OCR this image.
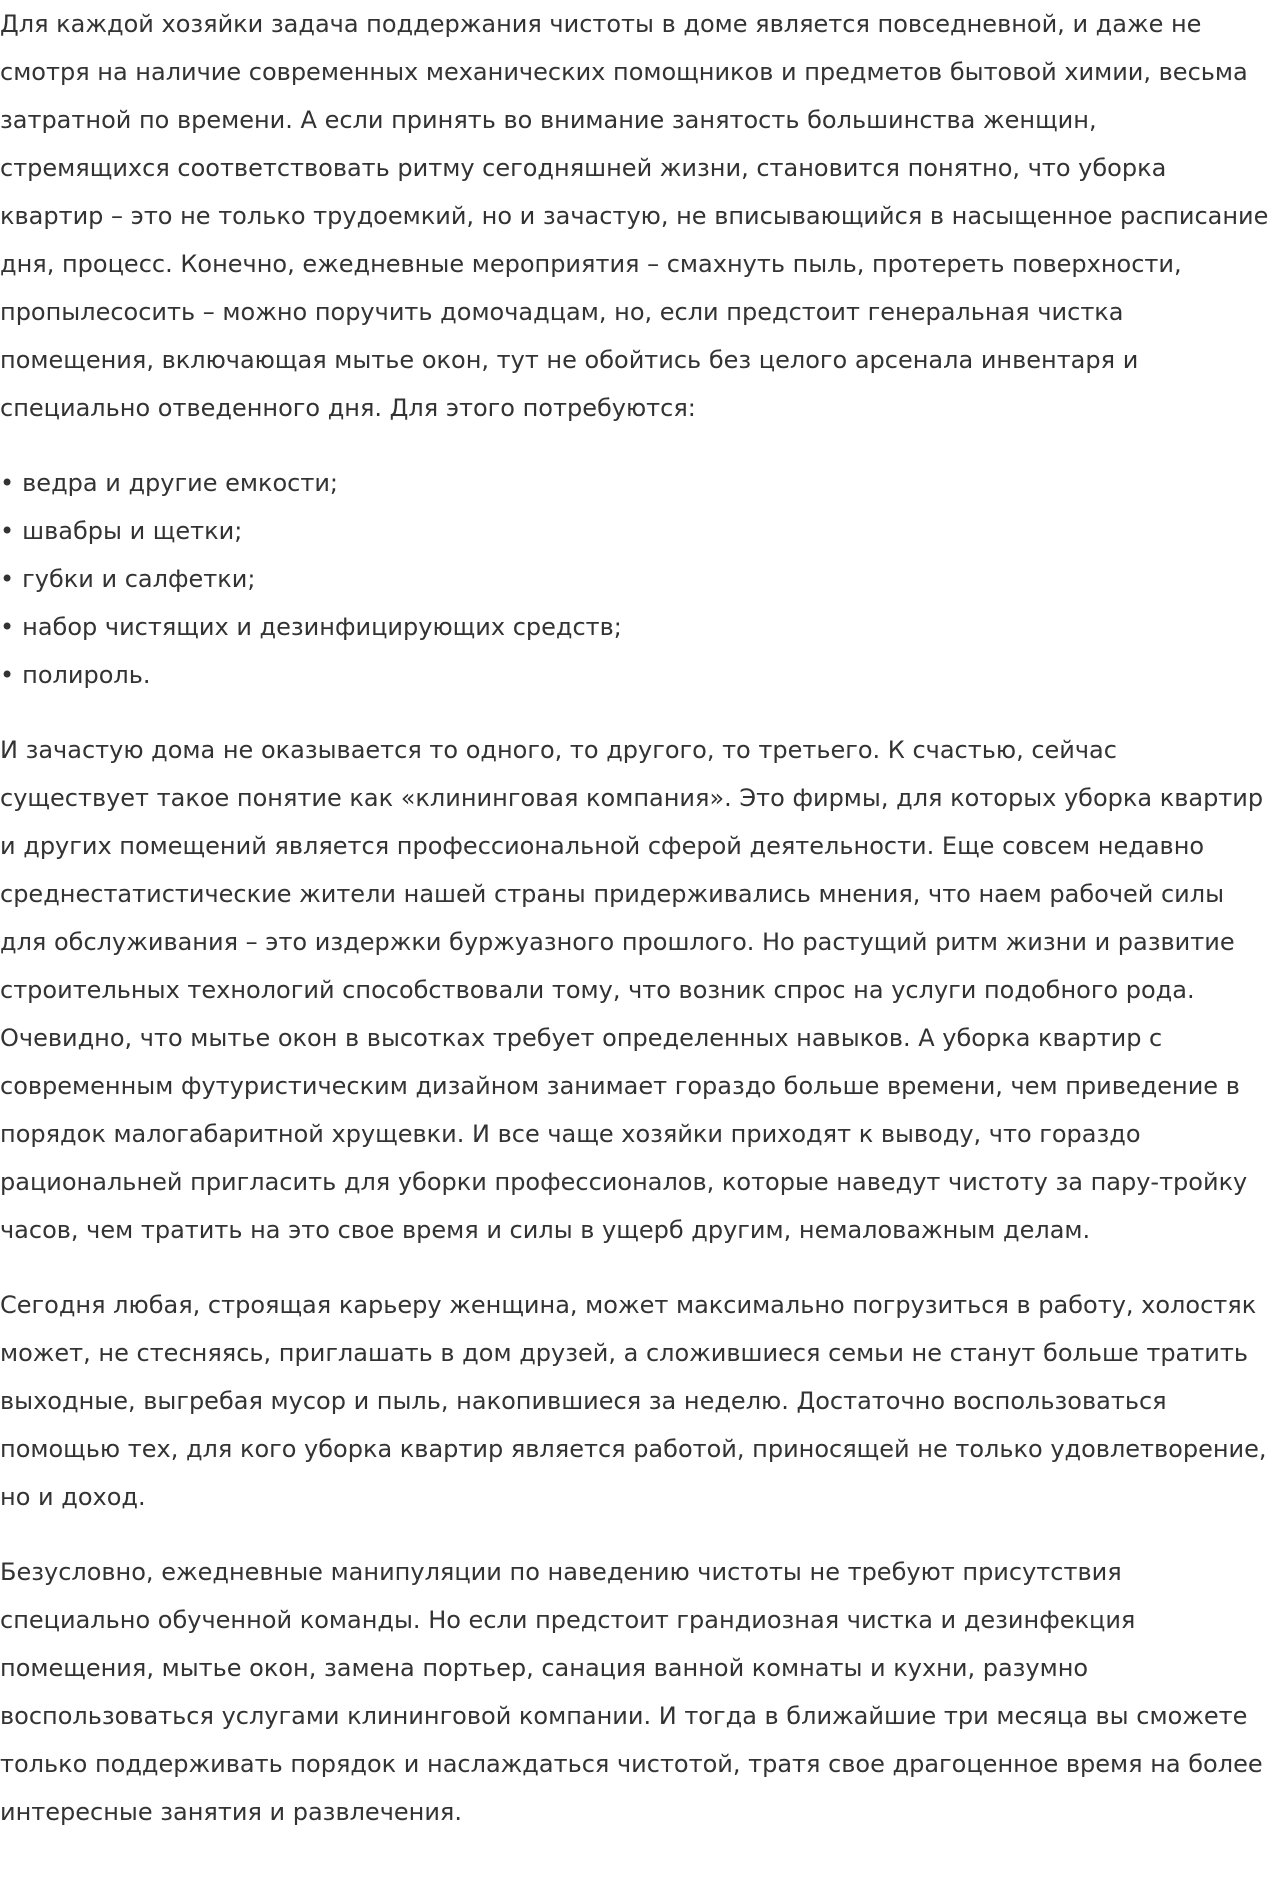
Для каждой хозяйки задача поддержания чистоты в доме является повседневной, и даже не смотря на наличие современных механических помощников и предметов бытовой химии, весьма затратной по времени. А если принять во внимание занятость большинства женщин, стремящихся соответствовать ритму сегодняшней жизни, становится понятно, что уборка квартир – это не только трудоемкий, но и зачастую, не вписывающийся в насыщенное расписание дня, процесс. Конечно, ежедневные мероприятия – смахнуть пыль, протереть поверхности, пропылесосить – можно поручить домочадцам, но, если предстоит генеральная чистка помещения, включающая мытье окон, тут не обойтись без целого арсенала инвентаря и специально отведенного дня. Для этого потребуются:

• ведра и другие емкости;
• швабры и щетки;
• губки и салфетки;
• набор чистящих и дезинфицирующих средств;
• полироль.

И зачастую дома не оказывается то одного, то другого, то третьего. К счастью, сейчас существует такое понятие как «клининговая компания». Это фирмы, для которых уборка квартир и других помещений является профессиональной сферой деятельности. Еще совсем недавно среднестатистические жители нашей страны придерживались мнения, что наем рабочей силы для обслуживания – это издержки буржуазного прошлого. Но растущий ритм жизни и развитие строительных технологий способствовали тому, что возник спрос на услуги подобного рода. Очевидно, что мытье окон в высотках требует определенных навыков. А уборка квартир с современным футуристическим дизайном занимает гораздо больше времени, чем приведение в порядок малогабаритной хрущевки. И все чаще хозяйки приходят к выводу, что гораздо рациональней пригласить для уборки профессионалов, которые наведут чистоту за пару-тройку часов, чем тратить на это свое время и силы в ущерб другим, немаловажным делам.

Сегодня любая, строящая карьеру женщина, может максимально погрузиться в работу, холостяк может, не стесняясь, приглашать в дом друзей, а сложившиеся семьи не станут больше тратить выходные, выгребая мусор и пыль, накопившиеся за неделю. Достаточно воспользоваться помощью тех, для кого уборка квартир является работой, приносящей не только удовлетворение, но и доход.

Безусловно, ежедневные манипуляции по наведению чистоты не требуют присутствия специально обученной команды. Но если предстоит грандиозная чистка и дезинфекция помещения, мытье окон, замена портьер, санация ванной комнаты и кухни, разумно воспользоваться услугами клининговой компании. И тогда в ближайшие три месяца вы сможете только поддерживать порядок и наслаждаться чистотой, тратя свое драгоценное время на более интересные занятия и развлечения.
